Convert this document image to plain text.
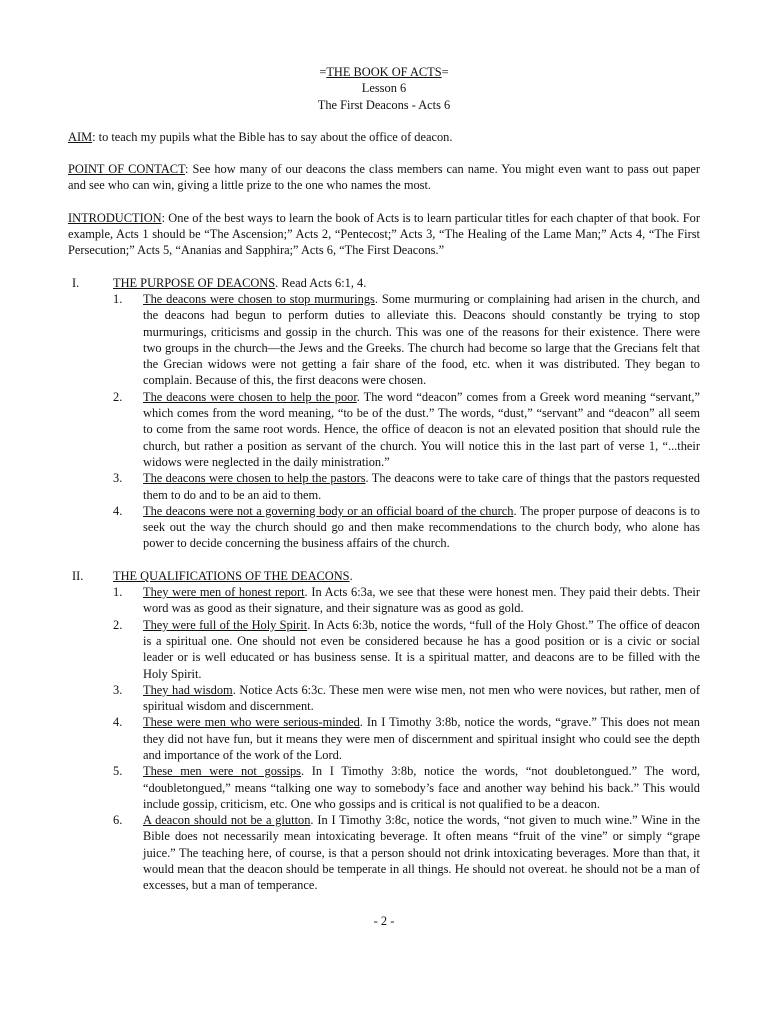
=THE BOOK OF ACTS=
Lesson 6
The First Deacons - Acts 6

AIM: to teach my pupils what the Bible has to say about the office of deacon.

POINT OF CONTACT: See how many of our deacons the class members can name. You might even want to pass out paper and see who can win, giving a little prize to the one who names the most.

INTRODUCTION: One of the best ways to learn the book of Acts is to learn particular titles for each chapter of that book. For example, Acts 1 should be “The Ascension;” Acts 2, “Pentecost;” Acts 3, “The Healing of the Lame Man;” Acts 4, “The First Persecution;” Acts 5, “Ananias and Sapphira;” Acts 6, “The First Deacons.”

I.	THE PURPOSE OF DEACONS. Read Acts 6:1, 4.
1. The deacons were chosen to stop murmurings. Some murmuring or complaining had arisen in the church, and the deacons had begun to perform duties to alleviate this. Deacons should constantly be trying to stop murmurings, criticisms and gossip in the church. This was one of the reasons for their existence. There were two groups in the church—the Jews and the Greeks. The church had become so large that the Grecians felt that the Grecian widows were not getting a fair share of the food, etc. when it was distributed. They began to complain. Because of this, the first deacons were chosen.
2. The deacons were chosen to help the poor. The word “deacon” comes from a Greek word meaning “servant,” which comes from the word meaning, “to be of the dust.” The words, “dust,” “servant” and “deacon” all seem to come from the same root words. Hence, the office of deacon is not an elevated position that should rule the church, but rather a position as servant of the church. You will notice this in the last part of verse 1, “...their widows were neglected in the daily ministration.”
3. The deacons were chosen to help the pastors. The deacons were to take care of things that the pastors requested them to do and to be an aid to them.
4. The deacons were not a governing body or an official board of the church. The proper purpose of deacons is to seek out the way the church should go and then make recommendations to the church body, who alone has power to decide concerning the business affairs of the church.
II. THE QUALIFICATIONS OF THE DEACONS.
1. They were men of honest report. In Acts 6:3a, we see that these were honest men. They paid their debts. Their word was as good as their signature, and their signature was as good as gold.
2. They were full of the Holy Spirit. In Acts 6:3b, notice the words, “full of the Holy Ghost.” The office of deacon is a spiritual one. One should not even be considered because he has a good position or is a civic or social leader or is well educated or has business sense. It is a spiritual matter, and deacons are to be filled with the Holy Spirit.
3. They had wisdom. Notice Acts 6:3c. These men were wise men, not men who were novices, but rather, men of spiritual wisdom and discernment.
4. These were men who were serious-minded. In I Timothy 3:8b, notice the words, “grave.” This does not mean they did not have fun, but it means they were men of discernment and spiritual insight who could see the depth and importance of the work of the Lord.
5. These men were not gossips. In I Timothy 3:8b, notice the words, “not doubletongued.” The word, “doubletongued,” means “talking one way to somebody’s face and another way behind his back.” This would include gossip, criticism, etc. One who gossips and is critical is not qualified to be a deacon.
6. A deacon should not be a glutton. In I Timothy 3:8c, notice the words, “not given to much wine.” Wine in the Bible does not necessarily mean intoxicating beverage. It often means “fruit of the vine” or simply “grape juice.” The teaching here, of course, is that a person should not drink intoxicating beverages. More than that, it would mean that the deacon should be temperate in all things. He should not overeat. he should not be a man of excesses, but a man of temperance.
- 2 -
